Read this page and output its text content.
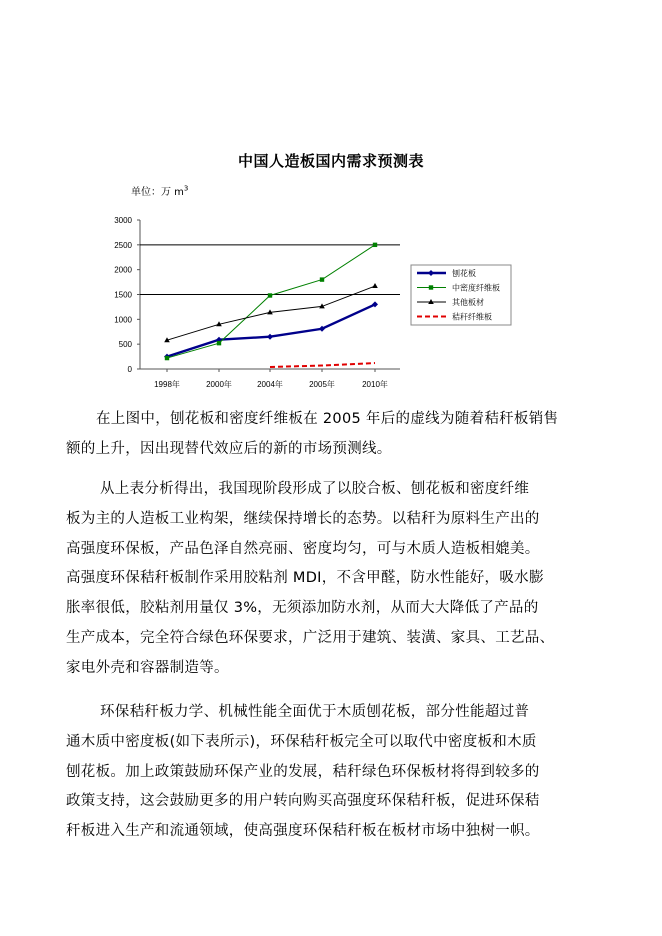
中国人造板国内需求预测表
单位：万 $m^3$
0
500
1000
1500
2000
2500
3000
1998年	2000年	2004年	2005年	2010年
刨花板
中密度纤维板
其他板材
秸秆纤维板
在上图中，刨花板和密度纤维板在 2005 年后的虚线为随着秸秆板销售
额的上升，因出现替代效应后的新的市场预测线。
从上表分析得出，我国现阶段形成了以胶合板、刨花板和密度纤维
板为主的人造板工业构架，继续保持增长的态势。以秸秆为原料生产出的
高强度环保板，产品色泽自然亮丽、密度均匀，可与木质人造板相媲美。
高强度环保秸秆板制作采用胶粘剂 MDI，不含甲醛，防水性能好，吸水膨
胀率很低，胶粘剂用量仅 3%，无须添加防水剂，从而大大降低了产品的
生产成本，完全符合绿色环保要求，广泛用于建筑、装潢、家具、工艺品、
家电外壳和容器制造等。
环保秸秆板力学、机械性能全面优于木质刨花板，部分性能超过普
通木质中密度板(如下表所示)，环保秸秆板完全可以取代中密度板和木质
刨花板。加上政策鼓励环保产业的发展，秸秆绿色环保板材将得到较多的
政策支持，这会鼓励更多的用户转向购买高强度环保秸秆板，促进环保秸
秆板进入生产和流通领域，使高强度环保秸秆板在板材市场中独树一帜。
